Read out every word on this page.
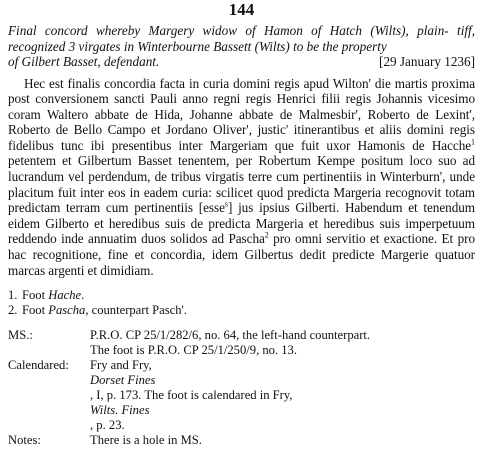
144
Final concord whereby Margery widow of Hamon of Hatch (Wilts), plain- tiff, recognized 3 virgates in Winterbourne Bassett (Wilts) to be the property
of Gilbert Basset, defendant.	[29 January 1236]

Hec est finalis concordia facta in curia domini regis apud Wilton' die martis proxima post conversionem sancti Pauli anno regni regis Henrici filii regis Johannis vicesimo coram Waltero abbate de Hida, Johanne abbate de Malmesbir', Roberto de Lexint', Roberto de Bello Campo et Jordano Oliver', justic' itinerantibus et aliis domini regis fidelibus tunc ibi presentibus inter Margeriam que fuit uxor Hamonis de Hacche$^1$ petentem et Gilbertum Basset tenentem, per Robertum Kempe positum loco suo ad lucrandum vel perdendum, de tribus virgatis terre cum pertinentiis in Winterburn', unde placitum fuit inter eos in eadem curia: scilicet quod predicta Margeria recognovit totam predictam terram cum pertinentiis [esse$^s$] jus ipsius Gilberti. Habendum et tenendum eidem Gilberto et heredibus suis de predicta Margeria et heredibus suis imperpetuum reddendo inde annuatim duos solidos ad Pascha$^2$ pro omni servitio et exactione. Et pro hac recognitione, fine et concordia, idem Gilbertus dedit predicte Margerie quatuor marcas argenti et dimidiam.

1. Foot Hache.
2. Foot Pascha, counterpart Pasch'.
MS.:	P.R.O. CP 25/1/282/6, no. 64, the left-hand counterpart.
The foot is P.R.O. CP 25/1/250/9, no. 13.
Calendared:	Fry and Fry,
Dorset Fines
, I, p. 173. The foot is calendared in Fry,
Wilts. Fines
, p. 23.
Notes:	There is a hole in MS.
